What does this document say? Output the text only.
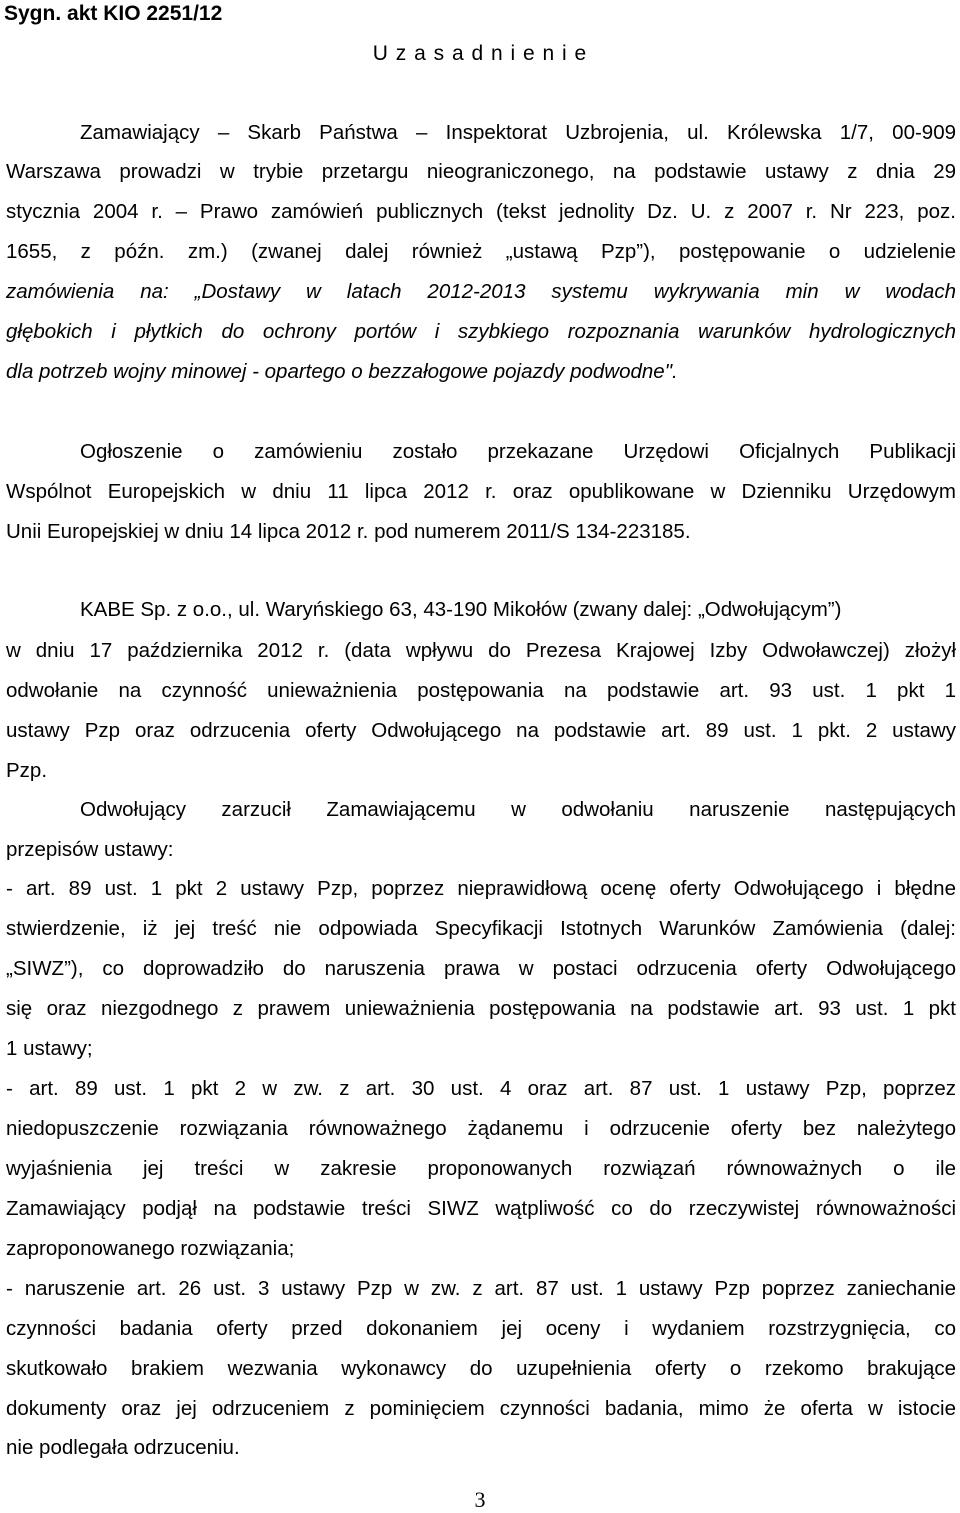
Sygn. akt KIO 2251/12
U z a s a d n i e n i e
Zamawiający – Skarb Państwa – Inspektorat Uzbrojenia, ul. Królewska 1/7, 00-909
Warszawa prowadzi w trybie przetargu nieograniczonego, na podstawie ustawy z dnia 29
stycznia 2004 r. – Prawo zamówień publicznych (tekst jednolity Dz. U. z 2007 r. Nr 223, poz.
1655, z późn. zm.) (zwanej dalej również „ustawą Pzp”), postępowanie o udzielenie
zamówienia na: „Dostawy w latach 2012-2013 systemu wykrywania min w wodach
głębokich i płytkich do ochrony portów i szybkiego rozpoznania warunków hydrologicznych
dla potrzeb wojny minowej - opartego o bezzałogowe pojazdy podwodne".
Ogłoszenie o zamówieniu zostało przekazane Urzędowi Oficjalnych Publikacji
Wspólnot Europejskich w dniu 11 lipca 2012 r. oraz opublikowane w Dzienniku Urzędowym
Unii Europejskiej w dniu 14 lipca 2012 r. pod numerem 2011/S 134-223185.
KABE Sp. z o.o., ul. Waryńskiego 63, 43-190 Mikołów (zwany dalej: „Odwołującym”)
w dniu 17 października 2012 r. (data wpływu do Prezesa Krajowej Izby Odwoławczej) złożył
odwołanie na czynność unieważnienia postępowania na podstawie art. 93 ust. 1 pkt 1
ustawy Pzp oraz odrzucenia oferty Odwołującego na podstawie art. 89 ust. 1 pkt. 2 ustawy
Pzp.
Odwołujący zarzucił Zamawiającemu w odwołaniu naruszenie następujących
przepisów ustawy:
- art. 89 ust. 1 pkt 2 ustawy Pzp, poprzez nieprawidłową ocenę oferty Odwołującego i błędne
stwierdzenie, iż jej treść nie odpowiada Specyfikacji Istotnych Warunków Zamówienia (dalej:
„SIWZ”), co doprowadziło do naruszenia prawa w postaci odrzucenia oferty Odwołującego
się oraz niezgodnego z prawem unieważnienia postępowania na podstawie art. 93 ust. 1 pkt
1 ustawy;
- art. 89 ust. 1 pkt 2 w zw. z art. 30 ust. 4 oraz art. 87 ust. 1 ustawy Pzp, poprzez
niedopuszczenie rozwiązania równoważnego żądanemu i odrzucenie oferty bez należytego
wyjaśnienia jej treści w zakresie proponowanych rozwiązań równoważnych o ile
Zamawiający podjął na podstawie treści SIWZ wątpliwość co do rzeczywistej równoważności
zaproponowanego rozwiązania;
- naruszenie art. 26 ust. 3 ustawy Pzp w zw. z art. 87 ust. 1 ustawy Pzp poprzez zaniechanie
czynności badania oferty przed dokonaniem jej oceny i wydaniem rozstrzygnięcia, co
skutkowało brakiem wezwania wykonawcy do uzupełnienia oferty o rzekomo brakujące
dokumenty oraz jej odrzuceniem z pominięciem czynności badania, mimo że oferta w istocie
nie podlegała odrzuceniu.
3
